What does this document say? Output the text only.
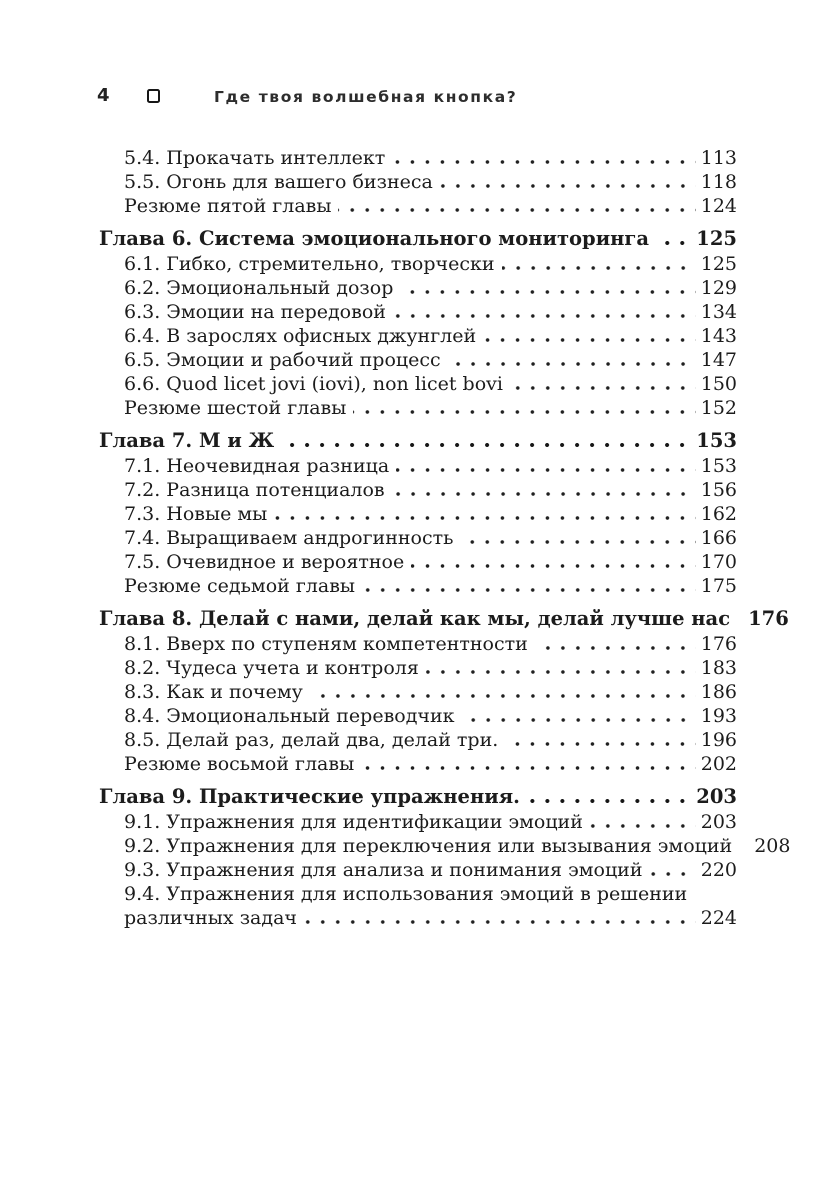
4	Где твоя волшебная кнопка?
5.4. Прокачать интеллект	113
5.5. Огонь для вашего бизнеса	118
Резюме пятой главы	124
Глава 6. Система эмоционального мониторинга 125
6.1. Гибко, стремительно, творчески	125
6.2. Эмоциональный дозор	129
6.3. Эмоции на передовой	134
6.4. В зарослях офисных джунглей	143
6.5. Эмоции и рабочий процесс	147
6.6. Quod licet jovi (iovi), non licet bovi	150
Резюме шестой главы	152
Глава 7. М и Ж	153
7.1. Неочевидная разница	153
7.2. Разница потенциалов	156
7.3. Новые мы	162
7.4. Выращиваем андрогинность	166
7.5. Очевидное и вероятное	170
Резюме седьмой главы	175
Глава 8. Делай с нами, делай как мы, делай лучше нас 176
8.1. Вверх по ступеням компетентности	176
8.2. Чудеса учета и контроля	183
8.3. Как и почему	186
8.4. Эмоциональный переводчик	193
8.5. Делай раз, делай два, делай три.	196
Резюме восьмой главы	202
Глава 9. Практические упражнения.	203
9.1. Упражнения для идентификации эмоций	203
9.2. Упражнения для переключения или вызывания эмоций 208
9.3. Упражнения для анализа и понимания эмоций	220
9.4. Упражнения для использования эмоций в решении
различных задач	224
